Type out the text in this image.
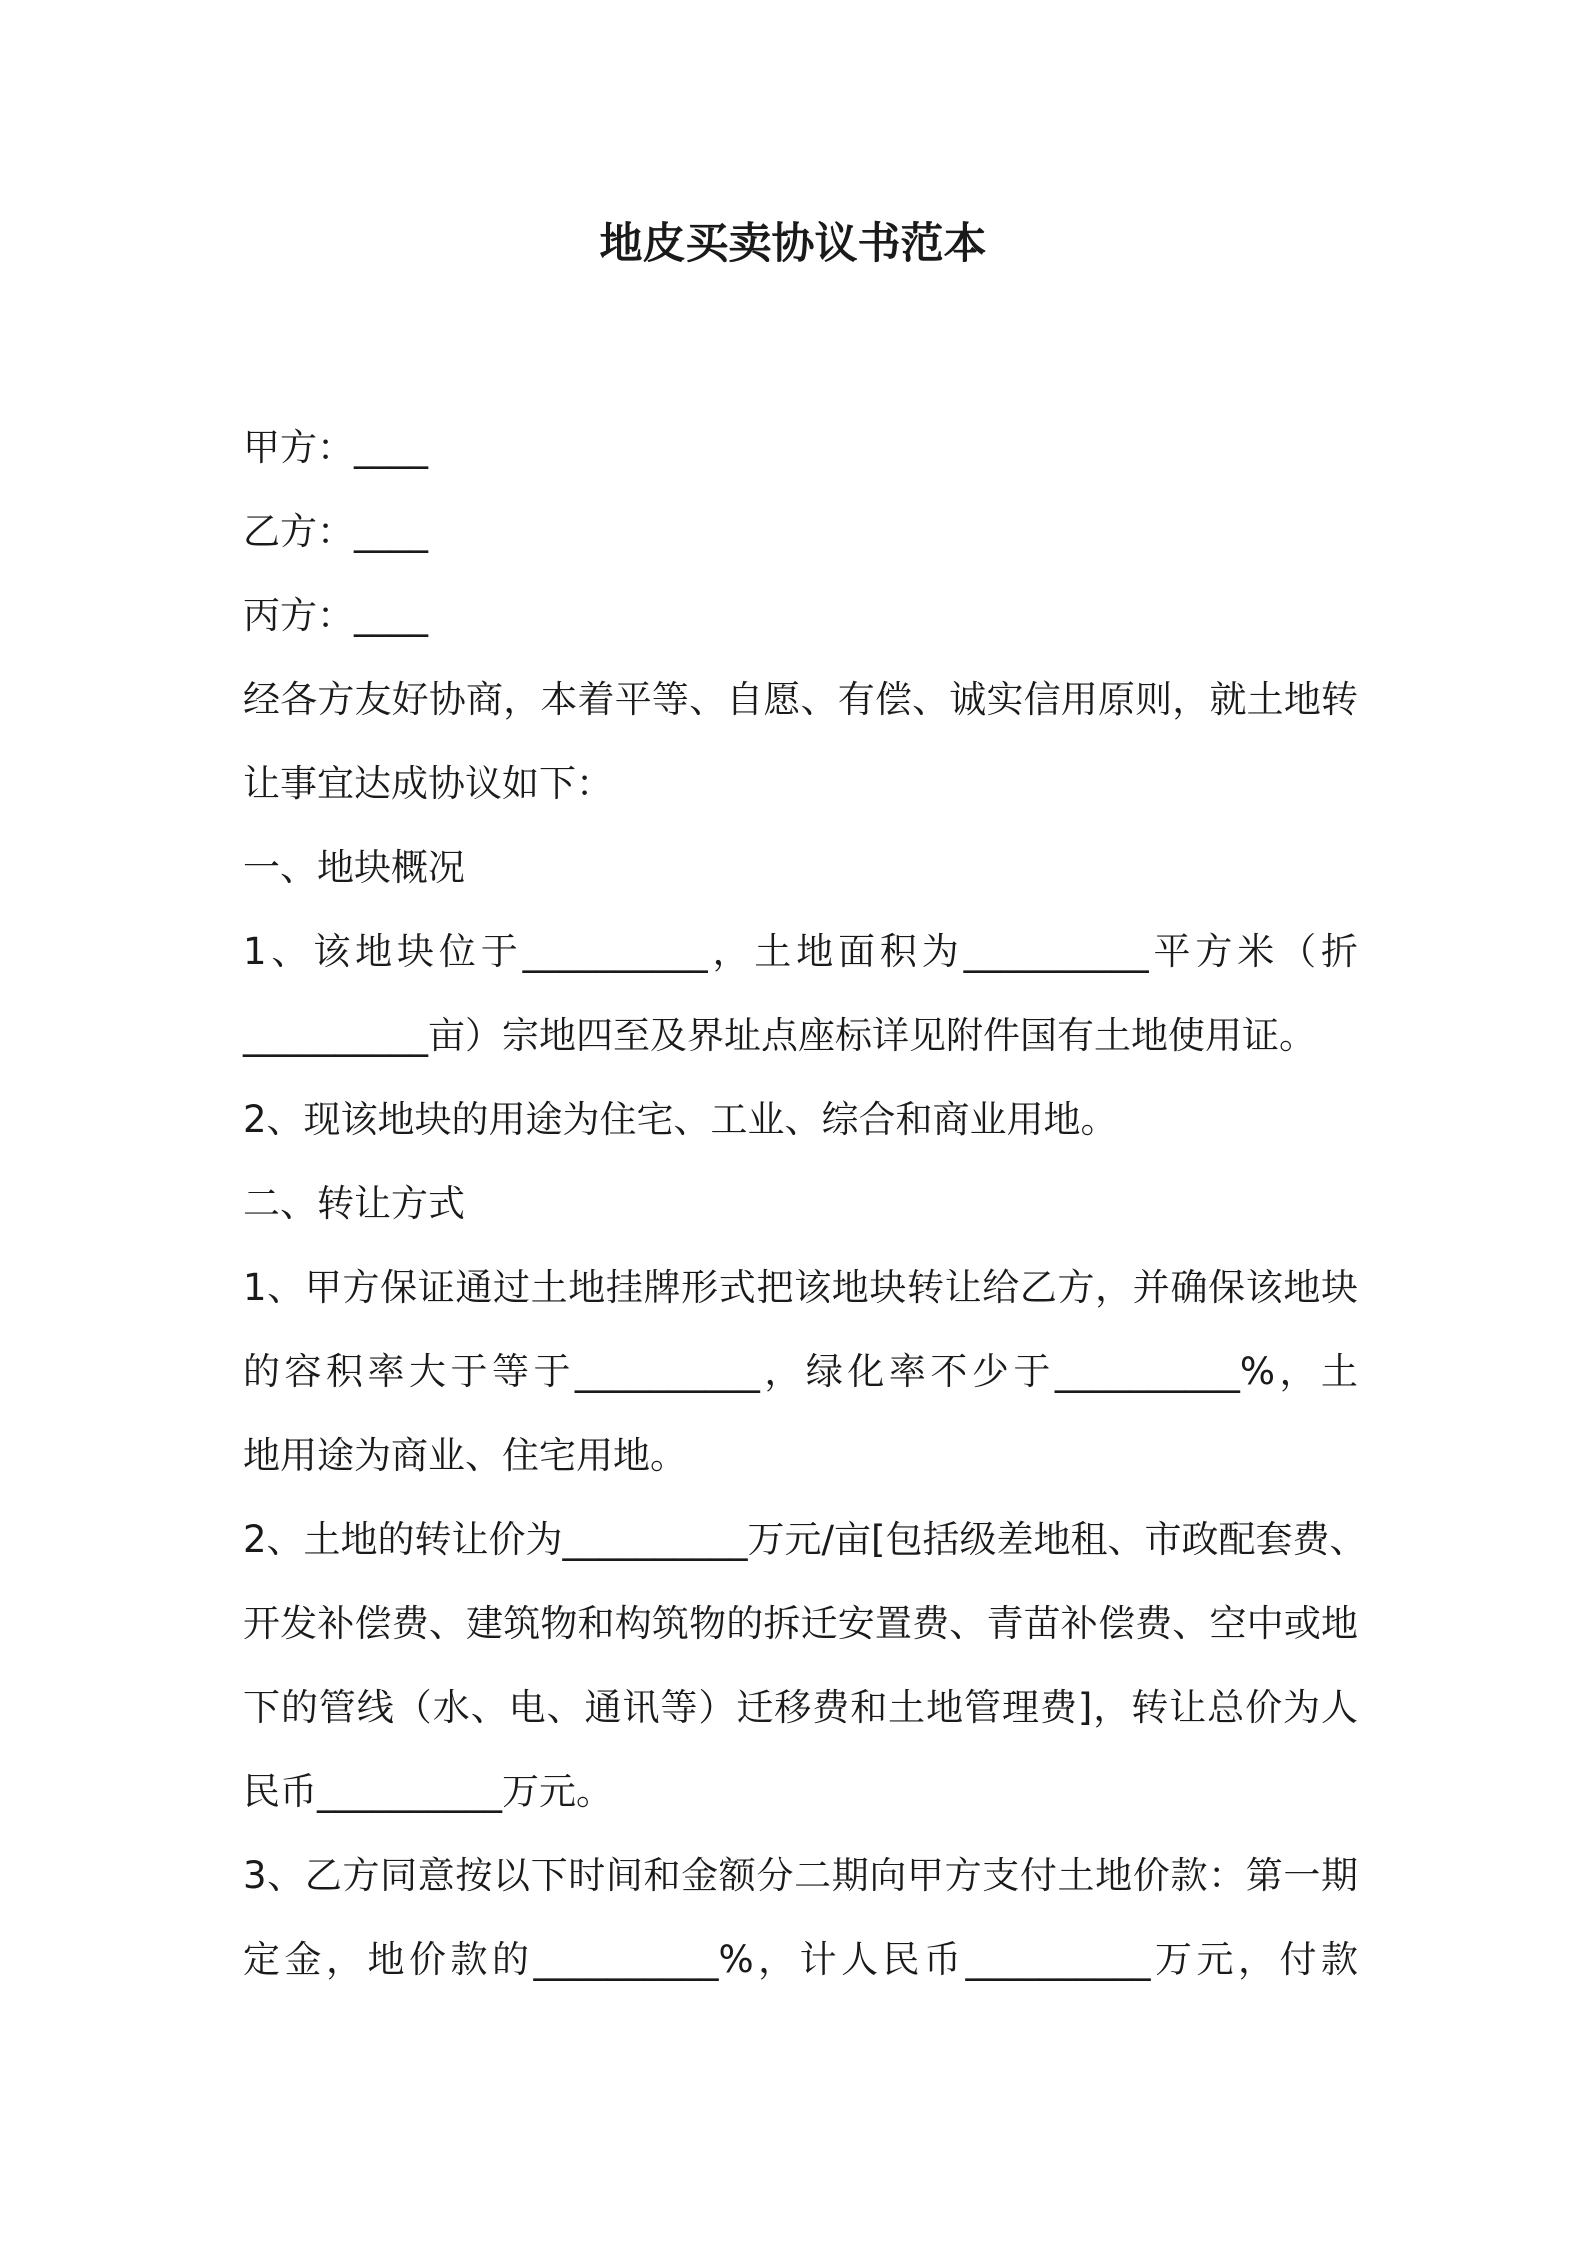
地皮买卖协议书范本

甲方：____

乙方：____

丙方：____

经各方友好协商，本着平等、自愿、有偿、诚实信用原则，就土地转

让事宜达成协议如下：

一、地块概况

1、该地块位于__________，土地面积为__________平方米（折

__________亩）宗地四至及界址点座标详见附件国有土地使用证。

2、现该地块的用途为住宅、工业、综合和商业用地。

二、转让方式

1、甲方保证通过土地挂牌形式把该地块转让给乙方，并确保该地块

的容积率大于等于__________，绿化率不少于__________%，土

地用途为商业、住宅用地。

2、土地的转让价为__________万元/亩[包括级差地租、市政配套费、

开发补偿费、建筑物和构筑物的拆迁安置费、青苗补偿费、空中或地

下的管线（水、电、通讯等）迁移费和土地管理费]，转让总价为人

民币__________万元。

3、乙方同意按以下时间和金额分二期向甲方支付土地价款：第一期

定金，地价款的__________%，计人民币__________万元，付款
